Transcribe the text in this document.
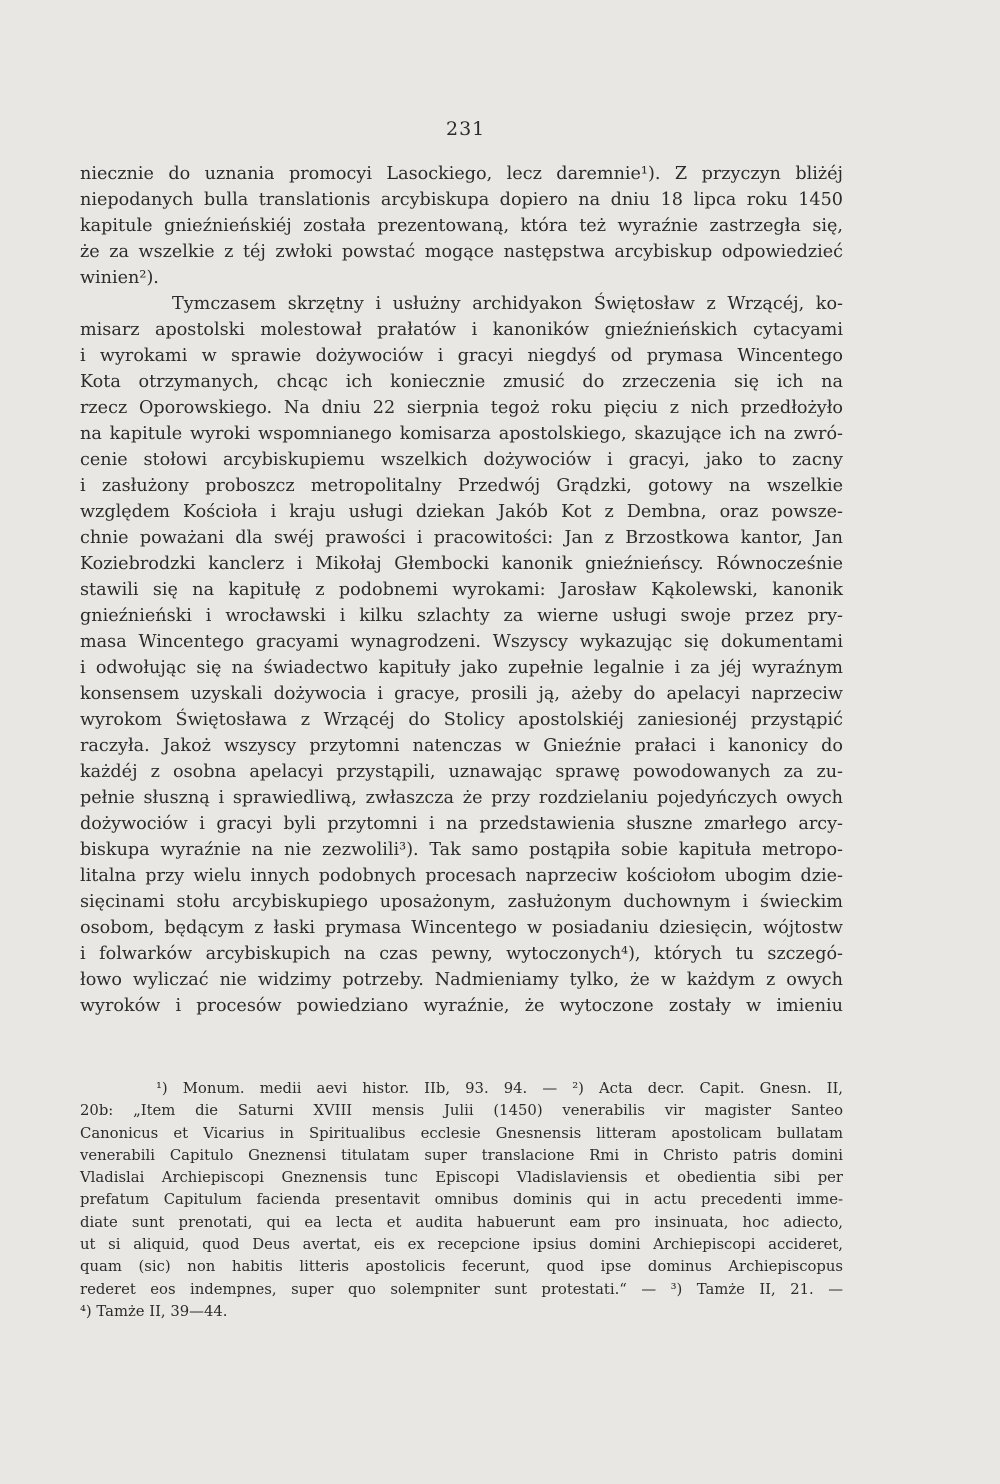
231
niecznie do uznania promocyi Lasockiego, lecz daremnie¹). Z przyczyn bliżéj
niepodanych bulla translationis arcybiskupa dopiero na dniu 18 lipca roku 1450
kapitule gnieźnieńskiéj została prezentowaną, która też wyraźnie zastrzegła się,
że za wszelkie z téj zwłoki powstać mogące następstwa arcybiskup odpowiedzieć
winien²).
Tymczasem skrzętny i usłużny archidyakon Świętosław z Wrzącéj, ko-
misarz apostolski molestował prałatów i kanoników gnieźnieńskich cytacyami
i wyrokami w sprawie dożywociów i gracyi niegdyś od prymasa Wincentego
Kota otrzymanych, chcąc ich koniecznie zmusić do zrzeczenia się ich na
rzecz Oporowskiego. Na dniu 22 sierpnia tegoż roku pięciu z nich przedłożyło
na kapitule wyroki wspomnianego komisarza apostolskiego, skazujące ich na zwró-
cenie stołowi arcybiskupiemu wszelkich dożywociów i gracyi, jako to zacny
i zasłużony proboszcz metropolitalny Przedwój Grądzki, gotowy na wszelkie
względem Kościoła i kraju usługi dziekan Jakób Kot z Dembna, oraz powsze-
chnie poważani dla swéj prawości i pracowitości: Jan z Brzostkowa kantor, Jan
Koziebrodzki kanclerz i Mikołaj Głembocki kanonik gnieźnieńscy. Równocześnie
stawili się na kapitułę z podobnemi wyrokami: Jarosław Kąkolewski, kanonik
gnieźnieński i wrocławski i kilku szlachty za wierne usługi swoje przez pry-
masa Wincentego gracyami wynagrodzeni. Wszyscy wykazując się dokumentami
i odwołując się na świadectwo kapituły jako zupełnie legalnie i za jéj wyraźnym
konsensem uzyskali dożywocia i gracye, prosili ją, ażeby do apelacyi naprzeciw
wyrokom Świętosława z Wrzącéj do Stolicy apostolskiéj zaniesionéj przystąpić
raczyła. Jakoż wszyscy przytomni natenczas w Gnieźnie prałaci i kanonicy do
każdéj z osobna apelacyi przystąpili, uznawając sprawę powodowanych za zu-
pełnie słuszną i sprawiedliwą, zwłaszcza że przy rozdzielaniu pojedyńczych owych
dożywociów i gracyi byli przytomni i na przedstawienia słuszne zmarłego arcy-
biskupa wyraźnie na nie zezwolili³). Tak samo postąpiła sobie kapituła metropo-
litalna przy wielu innych podobnych procesach naprzeciw kościołom ubogim dzie-
sięcinami stołu arcybiskupiego uposażonym, zasłużonym duchownym i świeckim
osobom, będącym z łaski prymasa Wincentego w posiadaniu dziesięcin, wójtostw
i folwarków arcybiskupich na czas pewny, wytoczonych⁴), których tu szczegó-
łowo wyliczać nie widzimy potrzeby. Nadmieniamy tylko, że w każdym z owych
wyroków i procesów powiedziano wyraźnie, że wytoczone zostały w imieniu
¹) Monum. medii aevi histor. IIb, 93. 94. — ²) Acta decr. Capit. Gnesn. II,
20b: „Item die Saturni XVIII mensis Julii (1450) venerabilis vir magister Santeo
Canonicus et Vicarius in Spiritualibus ecclesie Gnesnensis litteram apostolicam bullatam
venerabili Capitulo Gneznensi titulatam super translacione Rmi in Christo patris domini
Vladislai Archiepiscopi Gneznensis tunc Episcopi Vladislaviensis et obedientia sibi per
prefatum Capitulum facienda presentavit omnibus dominis qui in actu precedenti imme-
diate sunt prenotati, qui ea lecta et audita habuerunt eam pro insinuata, hoc adiecto,
ut si aliquid, quod Deus avertat, eis ex recepcione ipsius domini Archiepiscopi accideret,
quam (sic) non habitis litteris apostolicis fecerunt, quod ipse dominus Archiepiscopus
rederet eos indempnes, super quo solempniter sunt protestati.“ — ³) Tamże II, 21. —
⁴) Tamże II, 39—44.
